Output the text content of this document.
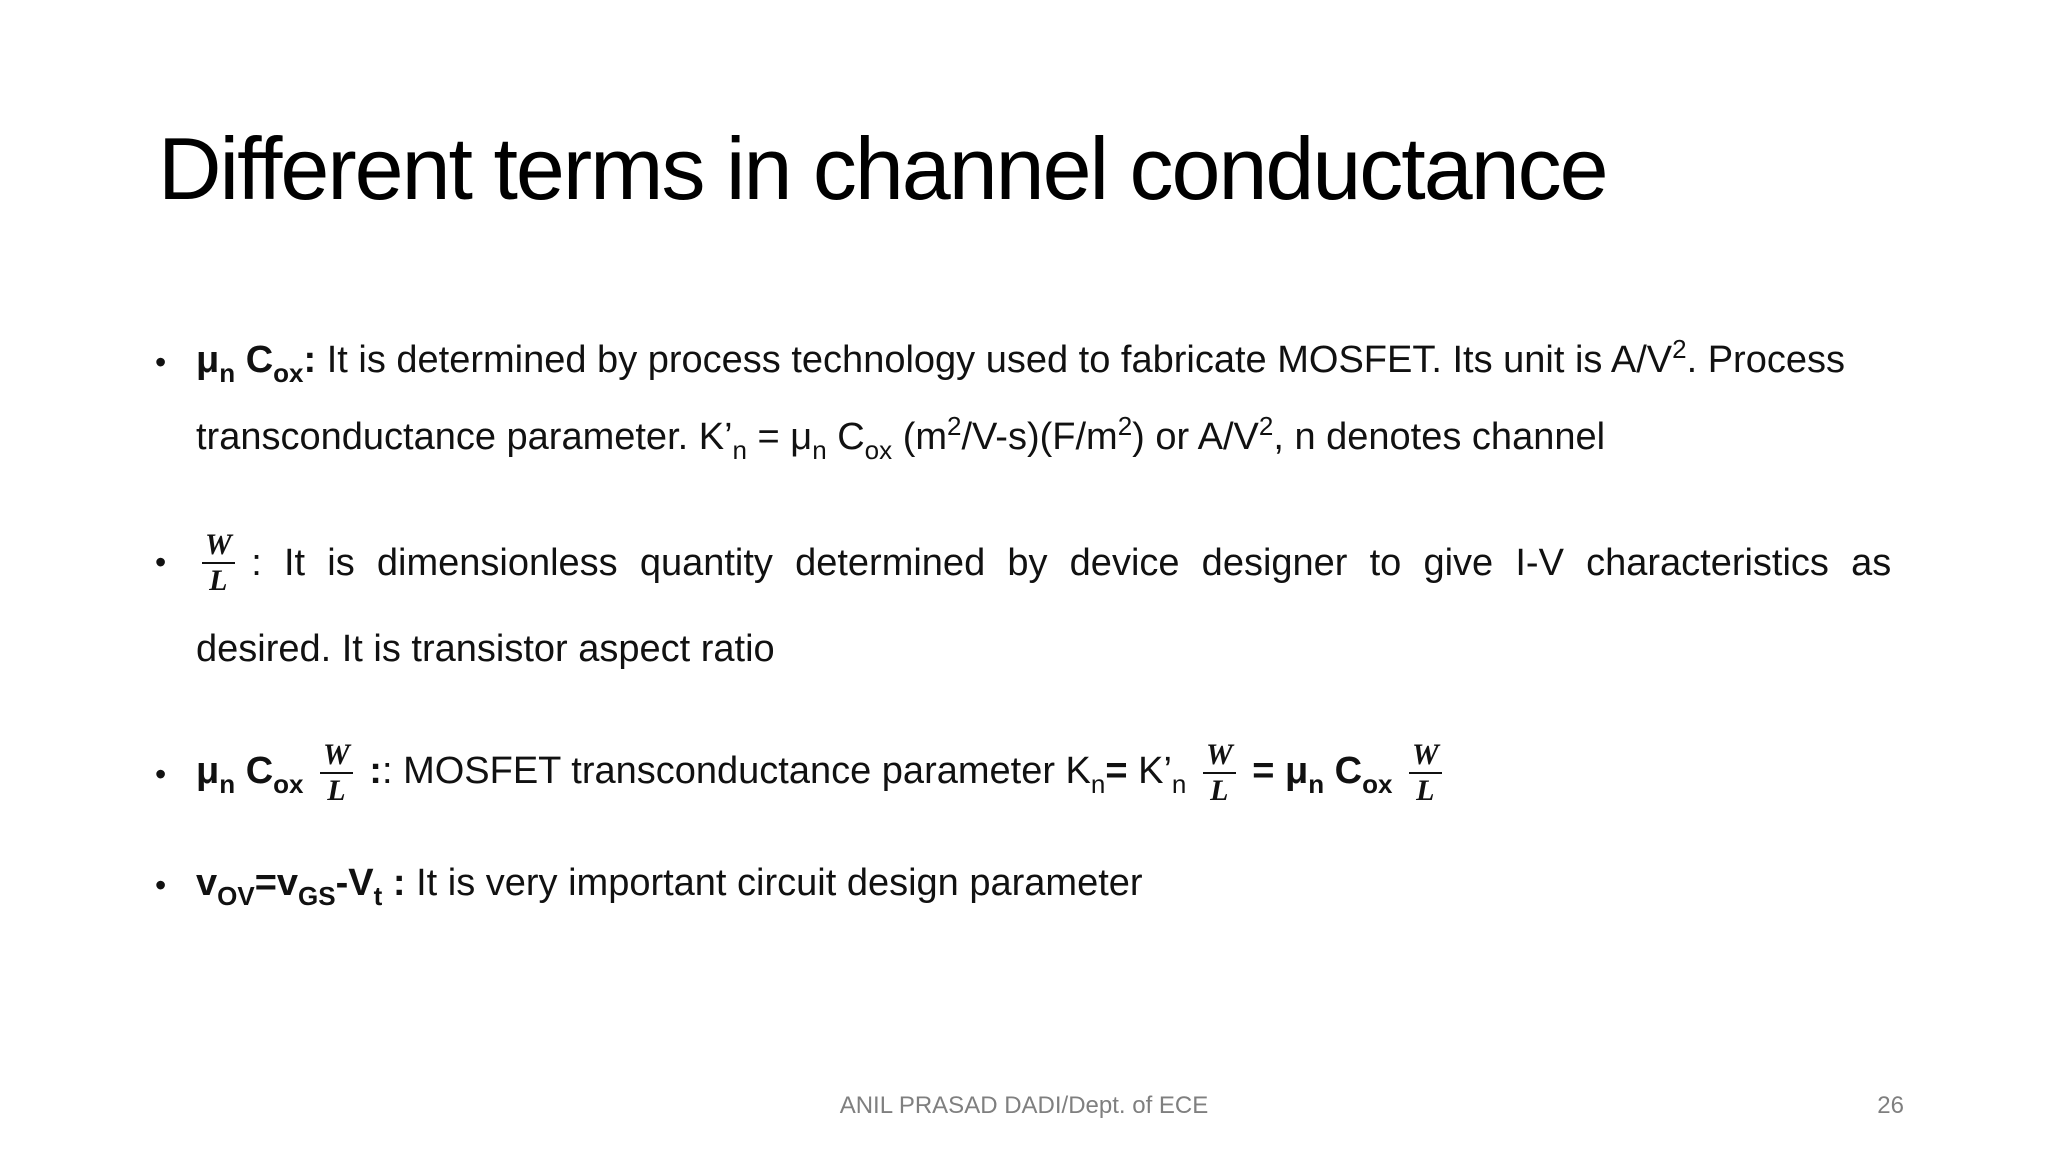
Different terms in channel conductance
• $\mu_n$ $C_{ox}$: It is determined by process technology used to fabricate MOSFET. Its unit is $A/V^2$. Process
transconductance parameter. $K’_n = \mu_n$ $C_{ox}$ $(m^2/V-s)(F/m^2)$ or $A/V^2$, n denotes channel
• $\frac{W}{L}$ : It is dimensionless quantity determined by device designer to give I-V characteristics as
desired. It is transistor aspect ratio
• $\mu_n$ $C_{ox} \frac{W}{L}$ :: MOSFET transconductance parameter $K_n=$ $K’_n \frac{W}{L} = \mu_n$ $C_{ox} \frac{W}{L}$
• $v_{OV}=v_{GS}-V_t$ : It is very important circuit design parameter
ANIL PRASAD DADI/Dept. of ECE	26
